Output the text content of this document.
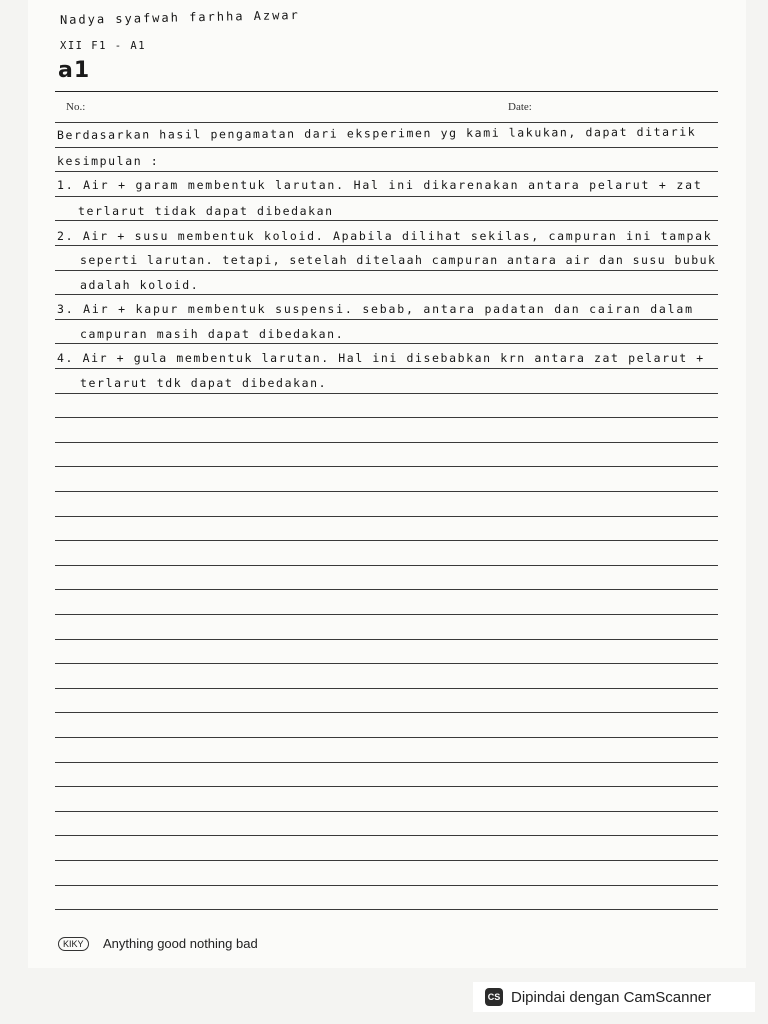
Nadya syafwah farhha Azwar
XII F1 - A1
a1
No.:	Date:
Berdasarkan hasil pengamatan dari eksperimen yg kami lakukan, dapat ditarik
kesimpulan :
1. Air + garam membentuk larutan. Hal ini dikarenakan antara pelarut + zat
terlarut tidak dapat dibedakan
2. Air + susu membentuk koloid. Apabila dilihat sekilas, campuran ini tampak
seperti larutan. tetapi, setelah ditelaah campuran antara air dan susu bubuk
adalah koloid.
3. Air + kapur membentuk suspensi. sebab, antara padatan dan cairan dalam
campuran masih dapat dibedakan.
4. Air + gula membentuk larutan. Hal ini disebabkan krn antara zat pelarut +
terlarut tdk dapat dibedakan.
KIKY	Anything good nothing bad
CS Dipindai dengan CamScanner
